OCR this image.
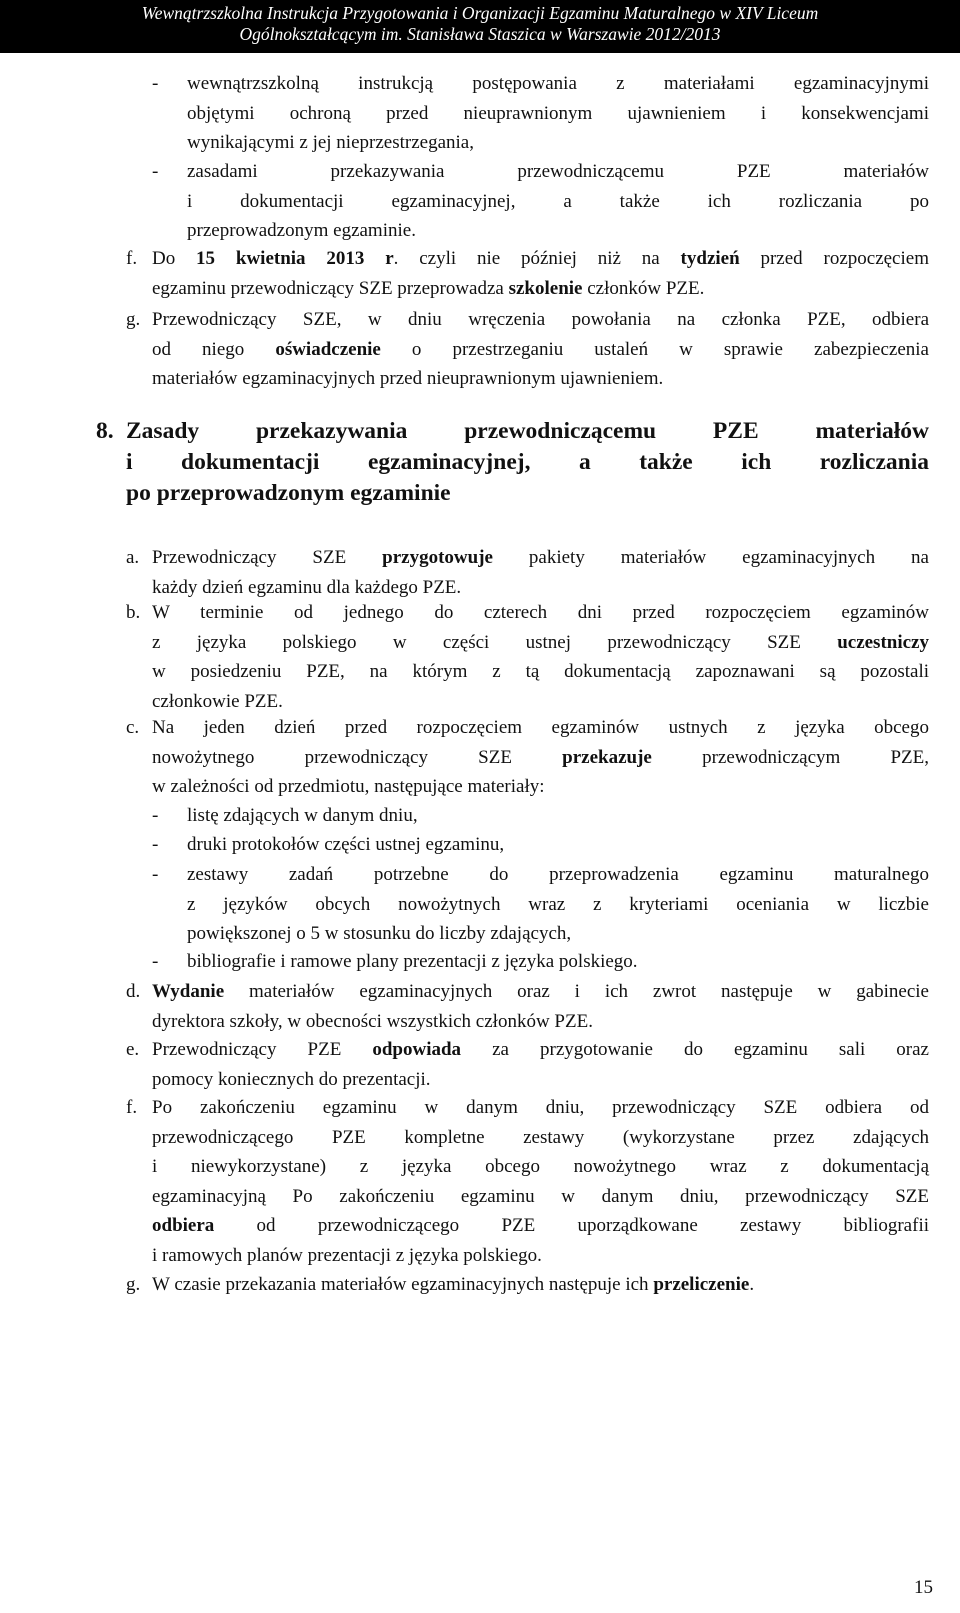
Wewnątrzszkolna Instrukcja Przygotowania i Organizacji Egzaminu Maturalnego w XIV Liceum
Ogólnokształcącym im. Stanisława Staszica w Warszawie 2012/2013
- wewnątrzszkolną instrukcją postępowania z materiałami egzaminacyjnymi
objętymi ochroną przed nieuprawnionym ujawnieniem i konsekwencjami
wynikającymi z jej nieprzestrzegania,
- zasadami przekazywania przewodniczącemu PZE materiałów
i dokumentacji egzaminacyjnej, a także ich rozliczania po
przeprowadzonym egzaminie.
f. Do 15 kwietnia 2013 r. czyli nie później niż na tydzień przed rozpoczęciem
egzaminu przewodniczący SZE przeprowadza szkolenie członków PZE.
g. Przewodniczący SZE, w dniu wręczenia powołania na członka PZE, odbiera
od niego oświadczenie o przestrzeganiu ustaleń w sprawie zabezpieczenia
materiałów egzaminacyjnych przed nieuprawnionym ujawnieniem.
8. Zasady przekazywania przewodniczącemu PZE materiałów
i dokumentacji egzaminacyjnej, a także ich rozliczania
po przeprowadzonym egzaminie
a. Przewodniczący SZE przygotowuje pakiety materiałów egzaminacyjnych na
każdy dzień egzaminu dla każdego PZE.
b. W terminie od jednego do czterech dni przed rozpoczęciem egzaminów
z języka polskiego w części ustnej przewodniczący SZE uczestniczy
w posiedzeniu PZE, na którym z tą dokumentacją zapoznawani są pozostali
członkowie PZE.
c. Na jeden dzień przed rozpoczęciem egzaminów ustnych z języka obcego
nowożytnego przewodniczący SZE przekazuje przewodniczącym PZE,
w zależności od przedmiotu, następujące materiały:
- listę zdających w danym dniu,
- druki protokołów części ustnej egzaminu,
- zestawy zadań potrzebne do przeprowadzenia egzaminu maturalnego
z języków obcych nowożytnych wraz z kryteriami oceniania w liczbie
powiększonej o 5 w stosunku do liczby zdających,
- bibliografie i ramowe plany prezentacji z języka polskiego.
d. Wydanie materiałów egzaminacyjnych oraz i ich zwrot następuje w gabinecie
dyrektora szkoły, w obecności wszystkich członków PZE.
e. Przewodniczący PZE odpowiada za przygotowanie do egzaminu sali oraz
pomocy koniecznych do prezentacji.
f. Po zakończeniu egzaminu w danym dniu, przewodniczący SZE odbiera od
przewodniczącego PZE kompletne zestawy (wykorzystane przez zdających
i niewykorzystane) z języka obcego nowożytnego wraz z dokumentacją
egzaminacyjną Po zakończeniu egzaminu w danym dniu, przewodniczący SZE
odbiera od przewodniczącego PZE uporządkowane zestawy bibliografii
i ramowych planów prezentacji z języka polskiego.
g. W czasie przekazania materiałów egzaminacyjnych następuje ich przeliczenie.
15
